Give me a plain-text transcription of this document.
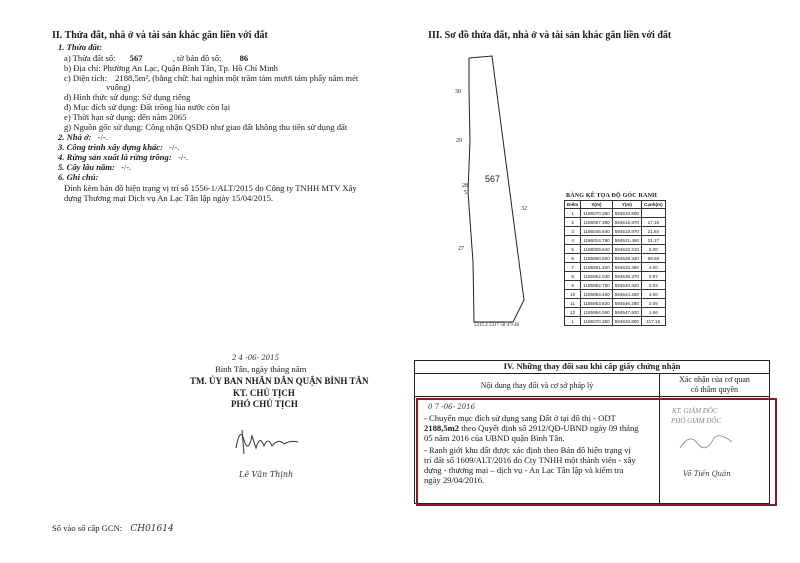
II. Thửa đất, nhà ở và tài sản khác gắn liền với đất
1. Thửa đất:
a) Thửa đất số: 567	, tờ bản đồ số: 86
b) Địa chỉ: Phường An Lạc, Quận Bình Tân, Tp. Hồ Chí Minh
c) Diện tích: 2188,5m², (bằng chữ: hai nghìn một trăm tám mươi tám phẩy năm mét
vuông)
d) Hình thức sử dụng: Sử dụng riêng
đ) Mục đích sử dụng: Đất trồng lúa nước còn lại
e) Thời hạn sử dụng: đến năm 2065
g) Nguồn gốc sử dụng: Công nhận QSDĐ như giao đất không thu tiền sử dụng đất
2. Nhà ở: -/-.
3. Công trình xây dựng khác: -/-.
4. Rừng sản xuất là rừng trồng: -/-.
5. Cây lâu năm: -/-.
6. Ghi chú:
Đính kèm bản đồ hiện trạng vị trí số 1556-1/ALT/2015 do Công ty TNHH MTV Xây
dựng Thương mại Dịch vụ An Lạc Tân lập ngày 15/04/2015.
2 4 -06- 2015
Bình Tân, ngày tháng năm
TM. ỦY BAN NHÂN DÂN QUẬN BÌNH TÂN
KT. CHỦ TỊCH
PHÓ CHỦ TỊCH
Lê Văn Thịnh
Số vào sổ cấp GCN: CH01614
III. Sơ đồ thửa đất, nhà ở và tài sản khác gắn liền với đất
567
30
29
28
5
27
32
5315 2 5317 50 4 9 48
BẢNG KÊ TỌA ĐỘ GÓC RANH
Điểm	X(m)	Y(m)	Cạnh(m)
1	1186070.350	594533.800	
2	1186067.390	594516.870	17.16
3	1186045.840	594518.870	21.84
4	1186014.780	594521.460	31.17
5	1186009.840	594522.210	5.00
6	1185950.600	594528.330	59.58
7	1185951.320	594532.460	4.00
8	1185952.030	594536.370	3.97
9	1185952.750	594540.320	4.02
10	1185953.460	594544.260	4.00
11	1185953.820	594546.280	2.05
12	1185954.060	594547.920	1.66
1	1186070.350	594533.800	117.16
IV. Những thay đổi sau khi cấp giấy chứng nhận	
Nội dung thay đổi và cơ sở pháp lý	Xác nhận của cơ quan
có thẩm quyền

0 7 -06- 2016
- Chuyển mục đích sử dụng sang Đất ở tại đô thị - ODT
2188,5m2 theo Quyết định số 2912/QĐ-UBND ngày 09 tháng
05 năm 2016 của UBND quận Bình Tân.
- Ranh giới khu đất được xác định theo Bản đồ hiện trạng vị
trí đất số 1609/ALT/2016 do Cty TNHH một thành viên - xây
dựng - thương mại – dịch vụ - An Lạc Tân lập và kiểm tra
ngày 29/04/2016.
KT. GIÁM ĐỐC
PHÓ GIÁM ĐỐC
Võ Tiến Quân
